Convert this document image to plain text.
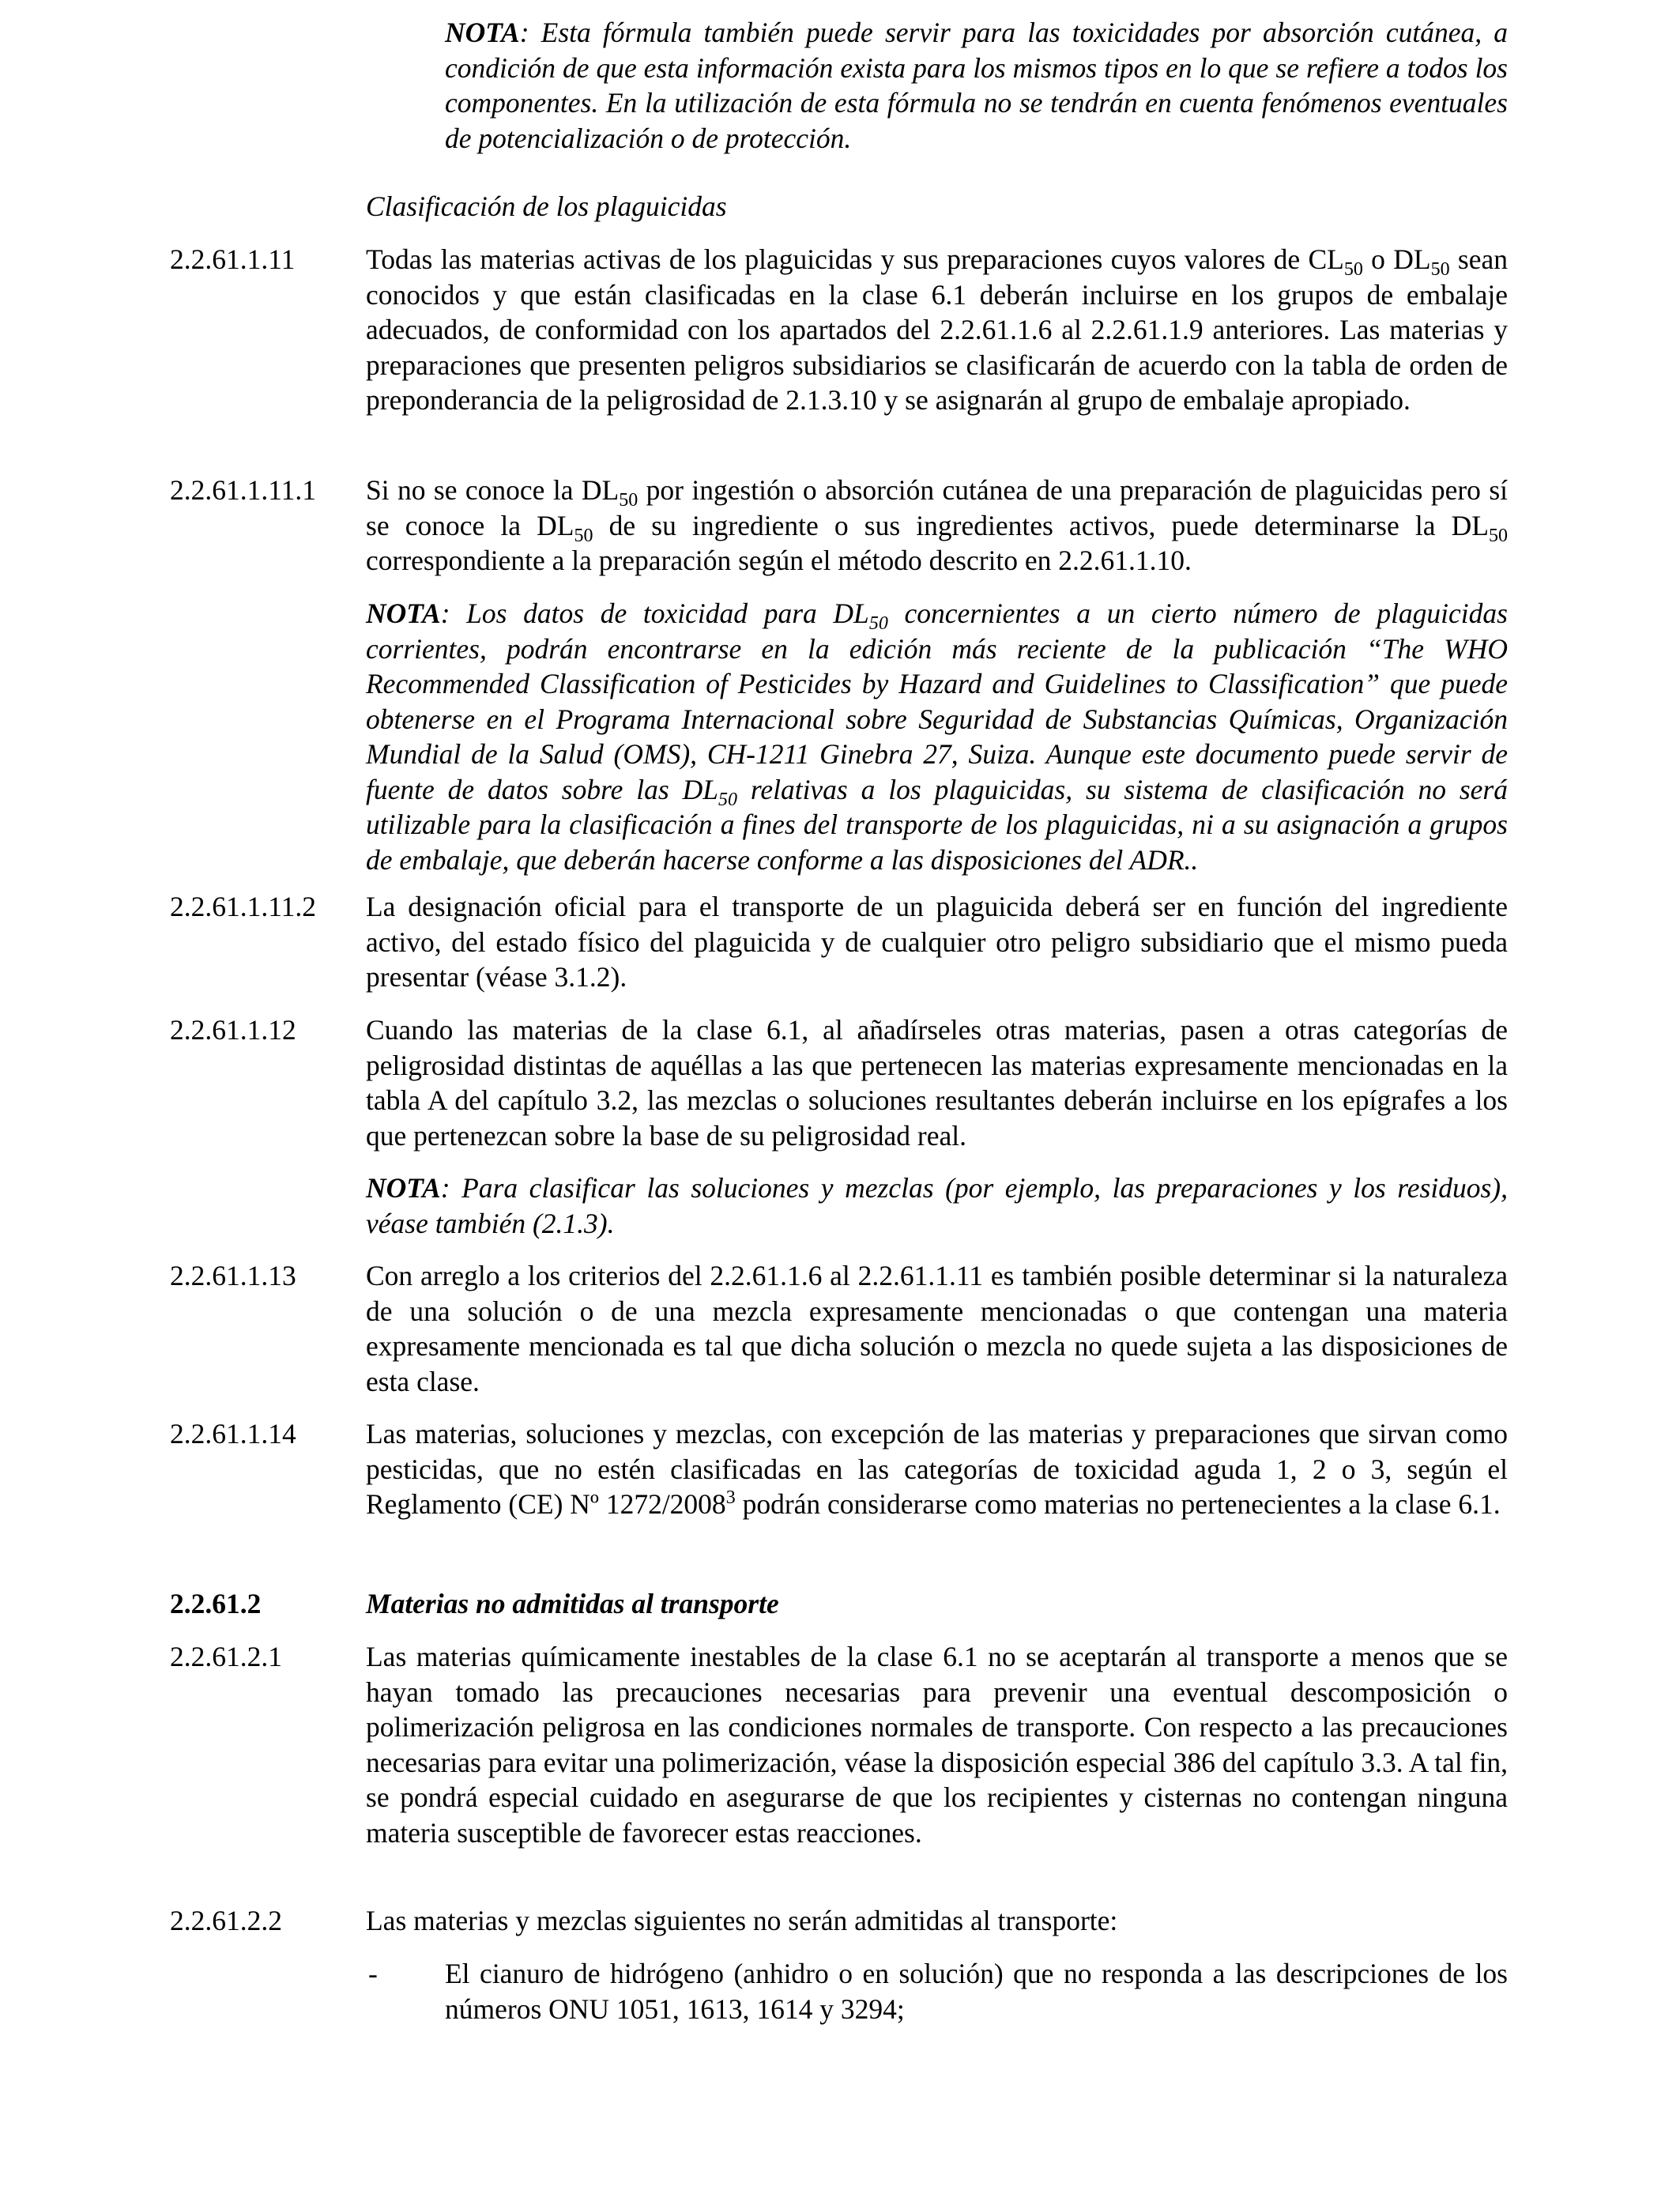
NOTA: Esta fórmula también puede servir para las toxicidades por absorción cutánea, a condición de que esta información exista para los mismos tipos en lo que se refiere a todos los componentes. En la utilización de esta fórmula no se tendrán en cuenta fenómenos eventuales de potencialización o de protección.
Clasificación de los plaguicidas
2.2.61.1.11	Todas las materias activas de los plaguicidas y sus preparaciones cuyos valores de $CL_{50}$ o $DL_{50}$ sean conocidos y que están clasificadas en la clase 6.1 deberán incluirse en los grupos de embalaje adecuados, de conformidad con los apartados del 2.2.61.1.6 al 2.2.61.1.9 anteriores. Las materias y preparaciones que presenten peligros subsidiarios se clasificarán de acuerdo con la tabla de orden de preponderancia de la peligrosidad de 2.1.3.10 y se asignarán al grupo de embalaje apropiado.
2.2.61.1.11.1 Si no se conoce la $DL_{50}$ por ingestión o absorción cutánea de una preparación de plaguicidas pero sí se conoce la $DL_{50}$ de su ingrediente o sus ingredientes activos, puede determinarse la $DL_{50}$ correspondiente a la preparación según el método descrito en 2.2.61.1.10.
NOTA: Los datos de toxicidad para $DL_{50}$ concernientes a un cierto número de plaguicidas corrientes, podrán encontrarse en la edición más reciente de la publicación “The WHO Recommended Classification of Pesticides by Hazard and Guidelines to Classification” que puede obtenerse en el Programa Internacional sobre Seguridad de Substancias Químicas, Organización Mundial de la Salud (OMS), CH-1211 Ginebra 27, Suiza. Aunque este documento puede servir de fuente de datos sobre las $DL_{50}$ relativas a los plaguicidas, su sistema de clasificación no será utilizable para la clasificación a fines del transporte de los plaguicidas, ni a su asignación a grupos de embalaje, que deberán hacerse conforme a las disposiciones del ADR..
2.2.61.1.11.2 La designación oficial para el transporte de un plaguicida deberá ser en función del ingrediente activo, del estado físico del plaguicida y de cualquier otro peligro subsidiario que el mismo pueda presentar (véase 3.1.2).
2.2.61.1.12 Cuando las materias de la clase 6.1, al añadírseles otras materias, pasen a otras categorías de peligrosidad distintas de aquéllas a las que pertenecen las materias expresamente mencionadas en la tabla A del capítulo 3.2, las mezclas o soluciones resultantes deberán incluirse en los epígrafes a los que pertenezcan sobre la base de su peligrosidad real.
NOTA: Para clasificar las soluciones y mezclas (por ejemplo, las preparaciones y los residuos), véase también (2.1.3).
2.2.61.1.13 Con arreglo a los criterios del 2.2.61.1.6 al 2.2.61.1.11 es también posible determinar si la naturaleza de una solución o de una mezcla expresamente mencionadas o que contengan una materia expresamente mencionada es tal que dicha solución o mezcla no quede sujeta a las disposiciones de esta clase.
2.2.61.1.14 Las materias, soluciones y mezclas, con excepción de las materias y preparaciones que sirvan como pesticidas, que no estén clasificadas en las categorías de toxicidad aguda 1, 2 o 3, según el Reglamento (CE) Nº 1272/2008$^3$ podrán considerarse como materias no pertenecientes a la clase 6.1.
2.2.61.2	Materias no admitidas al transporte
2.2.61.2.1	Las materias químicamente inestables de la clase 6.1 no se aceptarán al transporte a menos que se hayan tomado las precauciones necesarias para prevenir una eventual descomposición o polimerización peligrosa en las condiciones normales de transporte. Con respecto a las precauciones necesarias para evitar una polimerización, véase la disposición especial 386 del capítulo 3.3. A tal fin, se pondrá especial cuidado en asegurarse de que los recipientes y cisternas no contengan ninguna materia susceptible de favorecer estas reacciones.
2.2.61.2.2	Las materias y mezclas siguientes no serán admitidas al transporte:
- El cianuro de hidrógeno (anhidro o en solución) que no responda a las descripciones de los números ONU 1051, 1613, 1614 y 3294;
